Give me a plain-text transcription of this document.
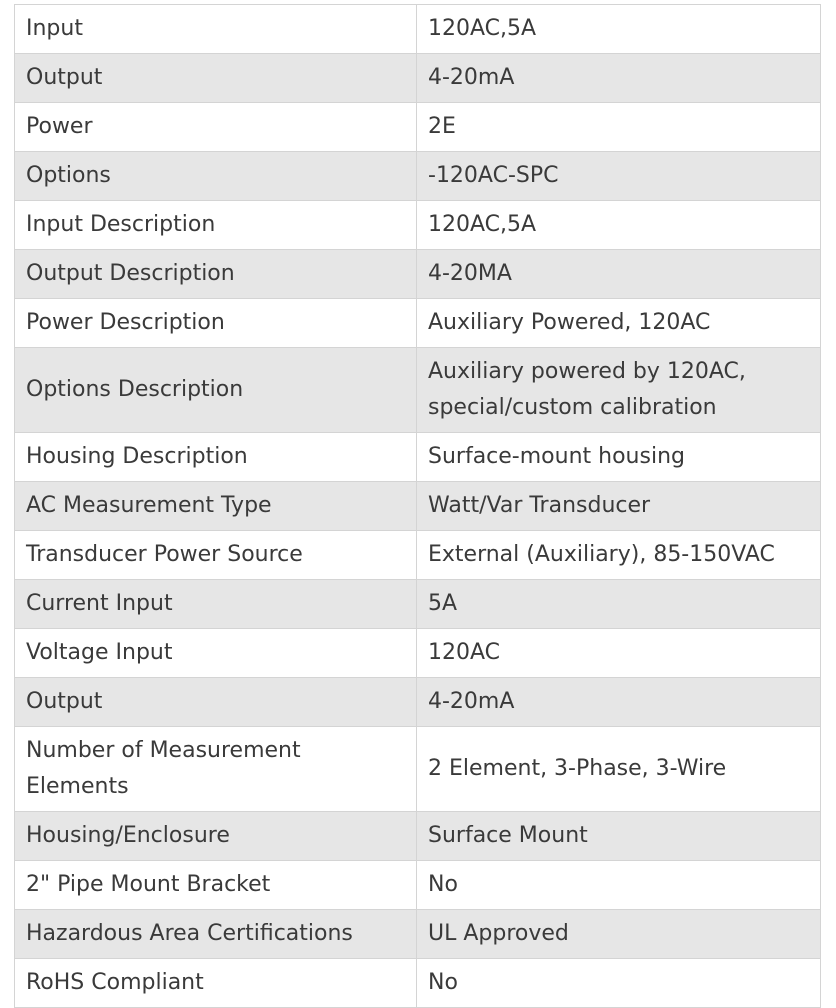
Input	120AC,5A
Output	4-20mA
Power	2E
Options	-120AC-SPC
Input Description	120AC,5A
Output Description	4-20MA
Power Description	Auxiliary Powered, 120AC
Options Description	Auxiliary powered by 120AC, special/custom calibration
Housing Description	Surface-mount housing
AC Measurement Type	Watt/Var Transducer
Transducer Power Source	External (Auxiliary), 85-150VAC
Current Input	5A
Voltage Input	120AC
Output	4-20mA
Number of Measurement Elements	2 Element, 3-Phase, 3-Wire
Housing/Enclosure	Surface Mount
2" Pipe Mount Bracket	No
Hazardous Area Certifications	UL Approved
RoHS Compliant	No
